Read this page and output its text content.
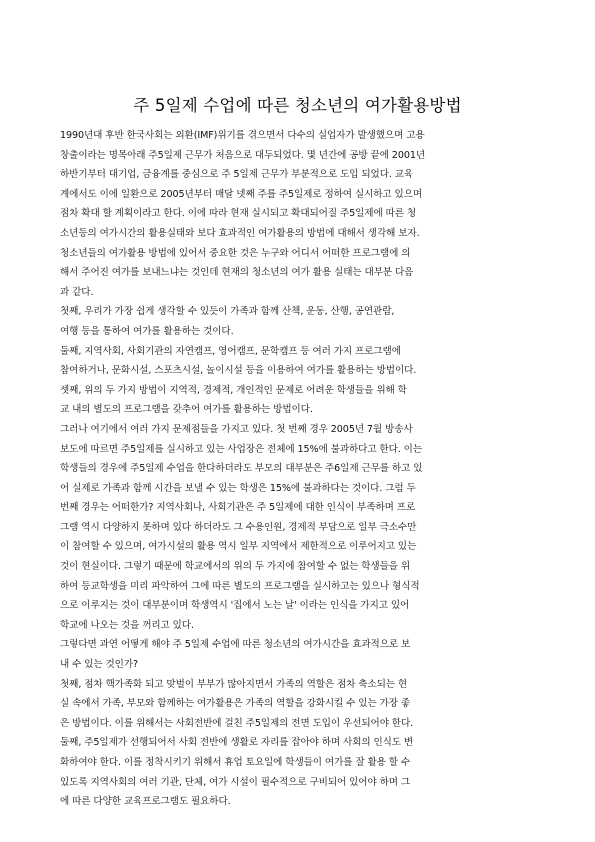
주 5일제 수업에 따른 청소년의 여가활용방법
1990년대 후반 한국사회는 외환(IMF)위기를 겪으면서 다수의 실업자가 발생했으며 고용
창출이라는 명목아래 주5일제 근무가 처음으로 대두되었다. 몇 년간에 공방 끝에 2001년
하반기부터 대기업, 금융계를 중심으로 주 5일제 근무가 부분적으로 도입 되었다. 교육
계에서도 이에 일환으로 2005년부터 매달 넷째 주를 주5일제로 정하여 실시하고 있으며
점차 확대 할 계획이라고 한다. 이에 따라 현재 실시되고 확대되어질 주5일제에 따른 청
소년등의 여가시간의 활용실태와 보다 효과적인 여가활용의 방법에 대해서 생각해 보자.
청소년들의 여가활용 방법에 있어서 중요한 것은 누구와 어디서 어떠한 프로그램에 의
해서 주어진 여가를 보내느냐는 것인데 현재의 청소년의 여가 활용 실태는 대부분 다음
과 같다.
첫째, 우리가 가장 쉽게 생각할 수 있듯이 가족과 함께 산책, 운동, 산행, 공연관람,
여행 등을 통하여 여가를 활용하는 것이다.
둘째, 지역사회, 사회기관의 자연캠프, 영어캠프, 문학캠프 등 여러 가지 프로그램에
참여하거나, 문화시설, 스포츠시설, 놀이시설 등을 이용하여 여가를 활용하는 방법이다.
셋째, 위의 두 가지 방법이 지역적, 경제적, 개인적인 문제로 어려운 학생들을 위해 학
교 내의 별도의 프로그램을 갖추어 여가를 활용하는 방법이다.
그러나 여기에서 여러 가지 문제점들을 가지고 있다. 첫 번째 경우 2005년 7월 방송사
보도에 따르면 주5일제를 실시하고 있는 사업장은 전체에 15%에 불과하다고 한다. 이는
학생들의 경우에 주5일제 수업을 한다하더라도 부모의 대부분은 주6일제 근무를 하고 있
어 실제로 가족과 함께 시간을 보낼 수 있는 학생은 15%에 불과하다는 것이다. 그럼 두
번째 경우는 어떠한가? 지역사회나, 사회기관은 주 5일제에 대한 인식이 부족하며 프로
그램 역시 다양하지 못하며 있다 하더라도 그 수용인원, 경제적 부담으로 일부 극소수만
이 참여할 수 있으며, 여가시설의 활용 역시 일부 지역에서 제한적으로 이루어지고 있는
것이 현실이다. 그렇기 때문에 학교에서의 위의 두 가지에 참여할 수 없는 학생들을 위
하여 등교학생을 미리 파악하여 그에 따른 별도의 프로그램을 실시하고는 있으나 형식적
으로 이루지는 것이 대부분이며 학생역시 '집에서 노는 날' 이라는 인식을 가지고 있어
학교에 나오는 것을 꺼리고 있다.
그렇다면 과연 어떻게 해야 주 5일제 수업에 따른 청소년의 여가시간을 효과적으로 보
내 수 있는 것인가?
첫째, 점차 핵가족화 되고 맞벌이 부부가 많아지면서 가족의 역할은 점차 축소되는 현
실 속에서 가족, 부모와 함께하는 여가활용은 가족의 역할을 강화시킬 수 있는 가장 좋
은 방법이다. 이를 위해서는 사회전반에 걸친 주5일제의 전면 도입이 우선되어야 한다.
둘째, 주5일제가 선행되어서 사회 전반에 생활로 자리를 잡아야 하며 사회의 인식도 변
화하여야 한다. 이를 정착시키기 위해서 휴업 토요일에 학생들이 여가를 잘 활용 할 수
있도록 지역사회의 여러 기관, 단체, 여가 시설이 필수적으로 구비되어 있어야 하며 그
에 따른 다양한 교육프로그램도 필요하다.
